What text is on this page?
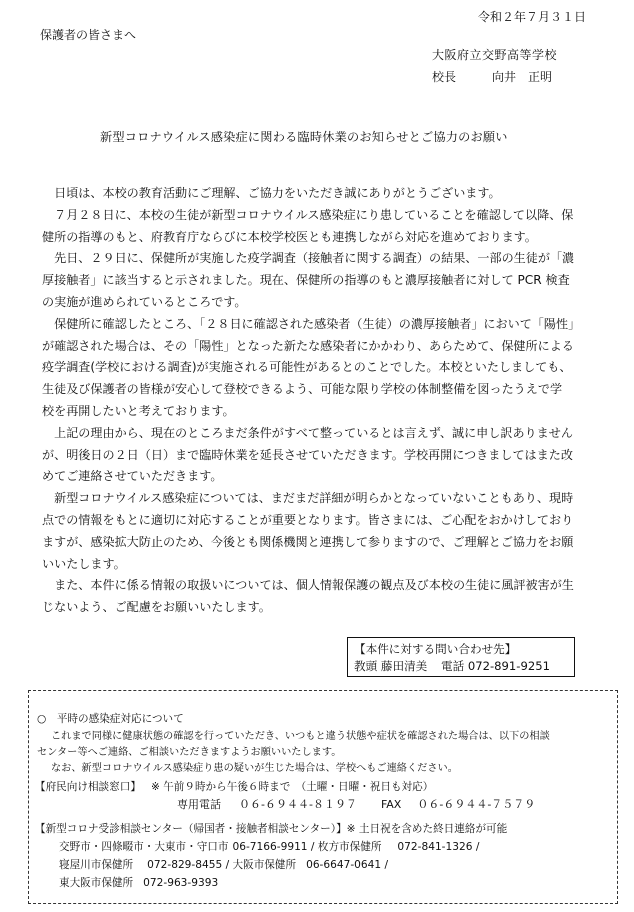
令和２年７月３１日
保護者の皆さまへ
大阪府立交野高等学校
校長	向井　正明
新型コロナウイルス感染症に関わる臨時休業のお知らせとご協力のお願い

　日頃は、本校の教育活動にご理解、ご協力をいただき誠にありがとうございます。

　７月２８日に、本校の生徒が新型コロナウイルス感染症にり患していることを確認して以降、保

健所の指導のもと、府教育庁ならびに本校学校医とも連携しながら対応を進めております。

　先日、２９日に、保健所が実施した疫学調査（接触者に関する調査）の結果、一部の生徒が「濃

厚接触者」に該当すると示されました。現在、保健所の指導のもと濃厚接触者に対して PCR 検査

の実施が進められているところです。

　保健所に確認したところ、「２８日に確認された感染者（生徒）の濃厚接触者」において「陽性」

が確認された場合は、その「陽性」となった新たな感染者にかかわり、あらためて、保健所による

疫学調査(学校における調査)が実施される可能性があるとのことでした。本校といたしましても、

生徒及び保護者の皆様が安心して登校できるよう、可能な限り学校の体制整備を図ったうえで学

校を再開したいと考えております。

　上記の理由から、現在のところまだ条件がすべて整っているとは言えず、誠に申し訳ありません

が、明後日の２日（日）まで臨時休業を延長させていただきます。学校再開につきましてはまた改

めてご連絡させていただきます。

　新型コロナウイルス感染症については、まだまだ詳細が明らかとなっていないこともあり、現時

点での情報をもとに適切に対応することが重要となります。皆さまには、ご心配をおかけしており

ますが、感染拡大防止のため、今後とも関係機関と連携して参りますので、ご理解とご協力をお願

いいたします。

　また、本件に係る情報の取扱いについては、個人情報保護の観点及び本校の生徒に風評被害が生

じないよう、ご配慮をお願いいたします。

【本件に対する問い合わせ先】
教頭 藤田清美 電話 072-891-9251
○　平時の感染症対応について
これまで同様に健康状態の確認を行っていただき、いつもと違う状態や症状を確認された場合は、以下の相談
センター等へご連絡、ご相談いただきますようお願いいたします。
なお、新型コロナウイルス感染症り患の疑いが生じた場合は、学校へもご連絡ください。
【府民向け相談窓口】 ※ 午前９時から午後６時まで　（土曜・日曜・祝日も対応）
専用電話 ０６-６９４４-８１９７ FAX ０６-６９４４-７５７９
【新型コロナ受診相談センター（帰国者・接触者相談センター）】※ 土日祝を含めた終日連絡が可能
交野市・四條畷市・大東市・守口市 06-7166-9911 / 枚方市保健所 072-841-1326 /
寝屋川市保健所 072-829-8455 / 大阪市保健所 06-6647-0641 /
東大阪市保健所 072-963-9393
